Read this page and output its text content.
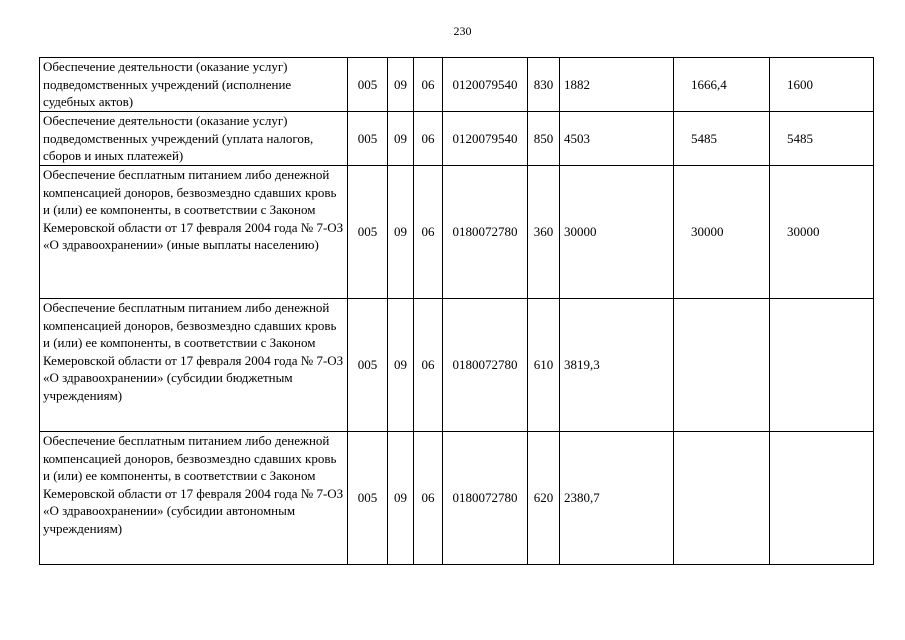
230
Обеспечение деятельности (оказание услуг) подведомственных учреждений (исполнение судебных актов)	005	09	06	0120079540	830	1882	1666,4	1600
Обеспечение деятельности (оказание услуг) подведомственных учреждений (уплата налогов, сборов и иных платежей)	005	09	06	0120079540	850	4503	5485	5485
Обеспечение бесплатным питанием либо денежной компенсацией доноров, безвозмездно сдавших кровь и (или) ее компоненты, в соответствии с Законом Кемеровской области от 17 февраля 2004 года № 7-ОЗ «О здравоохранении» (иные выплаты населению)	005	09	06	0180072780	360	30000	30000	30000
Обеспечение бесплатным питанием либо денежной компенсацией доноров, безвозмездно сдавших кровь и (или) ее компоненты, в соответствии с Законом Кемеровской области от 17 февраля 2004 года № 7-ОЗ «О здравоохранении» (субсидии бюджетным учреждениям)	005	09	06	0180072780	610	3819,3		
Обеспечение бесплатным питанием либо денежной компенсацией доноров, безвозмездно сдавших кровь и (или) ее компоненты, в соответствии с Законом Кемеровской области от 17 февраля 2004 года № 7-ОЗ «О здравоохранении» (субсидии автономным учреждениям)	005	09	06	0180072780	620	2380,7		
